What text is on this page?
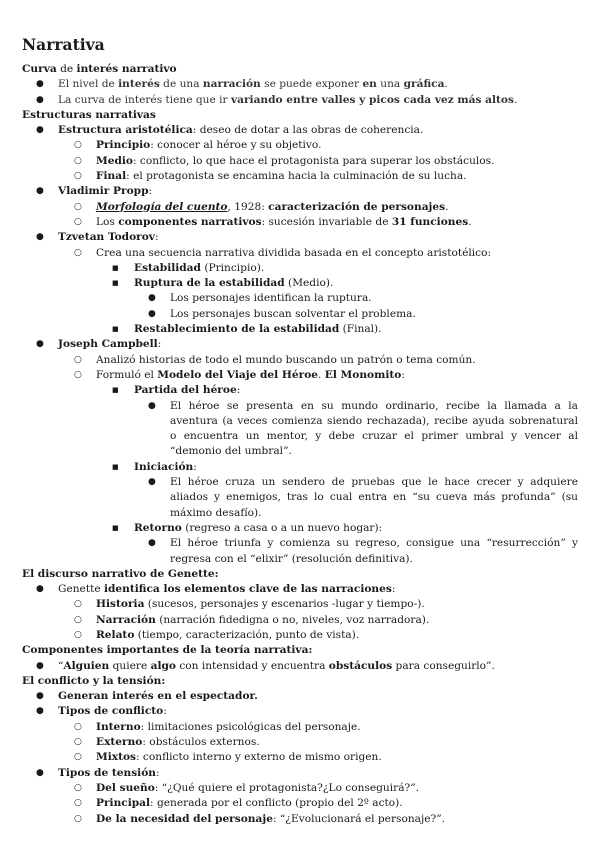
Narrativa
Curva de interés narrativo
●	El nivel de interés de una narración se puede exponer en una gráfica.
●	La curva de interés tiene que ir variando entre valles y picos cada vez más altos.
Estructuras narrativas
●	Estructura aristotélica: deseo de dotar a las obras de coherencia.
○	Principio: conocer al héroe y su objetivo.
○	Medio: conflicto, lo que hace el protagonista para superar los obstáculos.
○	Final: el protagonista se encamina hacia la culminación de su lucha.
●	Vladimir Propp:
○	Morfología del cuento, 1928: caracterización de personajes.
○	Los componentes narrativos: sucesión invariable de 31 funciones.
●	Tzvetan Todorov:
○	Crea una secuencia narrativa dividida basada en el concepto aristotélico:
■	Estabilidad (Principio).
■	Ruptura de la estabilidad (Medio).
●	Los personajes identifican la ruptura.
●	Los personajes buscan solventar el problema.
■	Restablecimiento de la estabilidad (Final).
●	Joseph Campbell:
○	Analizó historias de todo el mundo buscando un patrón o tema común.
○	Formuló el Modelo del Viaje del Héroe. El Monomito:
■	Partida del héroe:
●	El héroe se presenta en su mundo ordinario, recibe la llamada a la aventura (a veces comienza siendo rechazada), recibe ayuda sobrenatural o encuentra un mentor, y debe cruzar el primer umbral y vencer al “demonio del umbral”.
■	Iniciación:
●	El héroe cruza un sendero de pruebas que le hace crecer y adquiere aliados y enemigos, tras lo cual entra en “su cueva más profunda” (su máximo desafío).
■	Retorno (regreso a casa o a un nuevo hogar):
●	El héroe triunfa y comienza su regreso, consigue una “resurrección” y regresa con el “elixir” (resolución definitiva).
El discurso narrativo de Genette:
●	Genette identifica los elementos clave de las narraciones:
○	Historia (sucesos, personajes y escenarios -lugar y tiempo-).
○	Narración (narración fidedigna o no, niveles, voz narradora).
○	Relato (tiempo, caracterización, punto de vista).
Componentes importantes de la teoría narrativa:
●	“Alguien quiere algo con intensidad y encuentra obstáculos para conseguirlo”.
El conflicto y la tensión:
●	Generan interés en el espectador.
●	Tipos de conflicto:
○	Interno: limitaciones psicológicas del personaje.
○	Externo: obstáculos externos.
○	Mixtos: conflicto interno y externo de mismo origen.
●	Tipos de tensión:
○	Del sueño: “¿Qué quiere el protagonista?¿Lo conseguirá?”.
○	Principal: generada por el conflicto (propio del 2º acto).
○	De la necesidad del personaje: “¿Evolucionará el personaje?”.
